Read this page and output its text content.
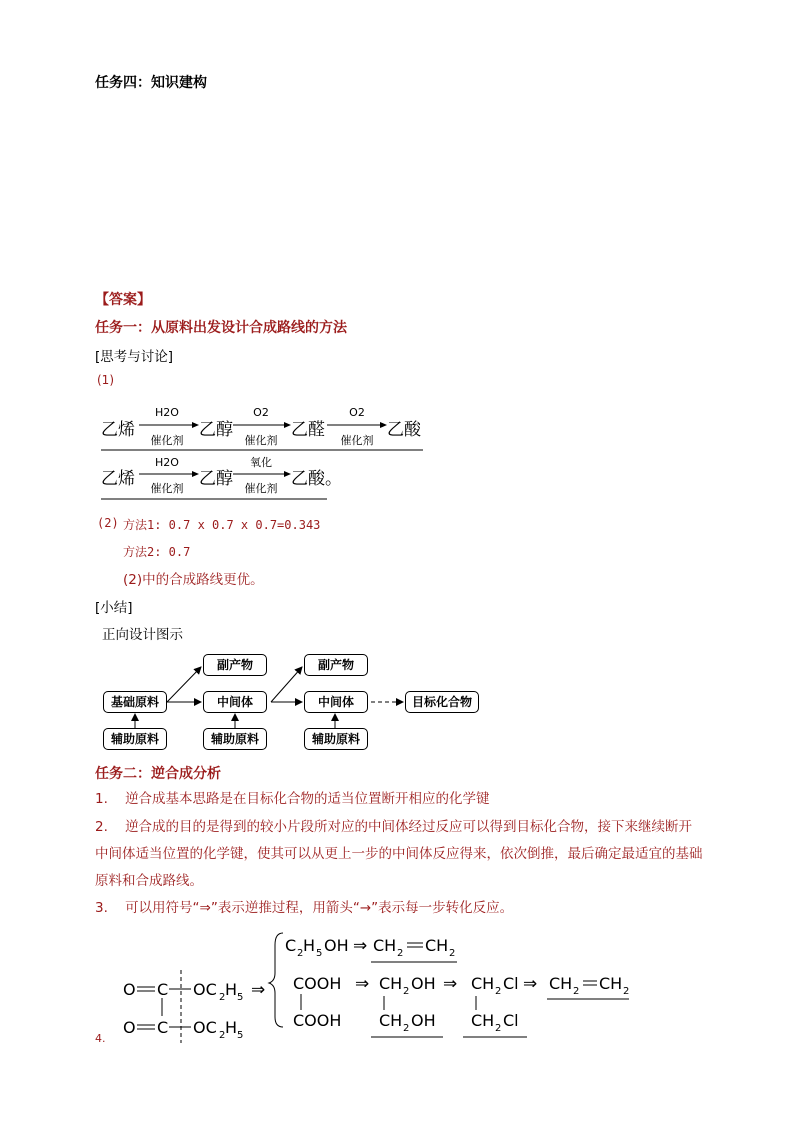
任务四：知识建构
【答案】
任务一：从原料出发设计合成路线的方法
[思考与讨论]
(1)
乙烯	乙醇	乙醛	乙酸
H2O
催化剂
O2
催化剂
O2
催化剂
乙烯	乙醇	乙酸。
H2O
催化剂
氧化
催化剂
(2) 方法1: 0.7 x 0.7 x 0.7=0.343
方法2: 0.7
(2)中的合成路线更优。
[小结]
正向设计图示
基础原料
辅助原料
副产物
中间体
辅助原料
副产物
中间体
辅助原料
目标化合物
任务二：逆合成分析
1. 逆合成基本思路是在目标化合物的适当位置断开相应的化学键
2. 逆合成的目的是得到的较小片段所对应的中间体经过反应可以得到目标化合物，接下来继续断开中间体适当位置的化学键，使其可以从更上一步的中间体反应得来，依次倒推，最后确定最适宜的基础原料和合成路线。
3. 可以用符号“⇒”表示逆推过程，用箭头“→”表示每一步转化反应。
O C OC 2 H 5
O C OC 2 H 5
⇒
C 2 H 5 OH ⇒ CH 2 CH 2
COOH
COOH
⇒ CH 2 OH
CH 2 OH
⇒ CH 2 Cl
CH 2 Cl
⇒ CH 2 CH 2
4.
